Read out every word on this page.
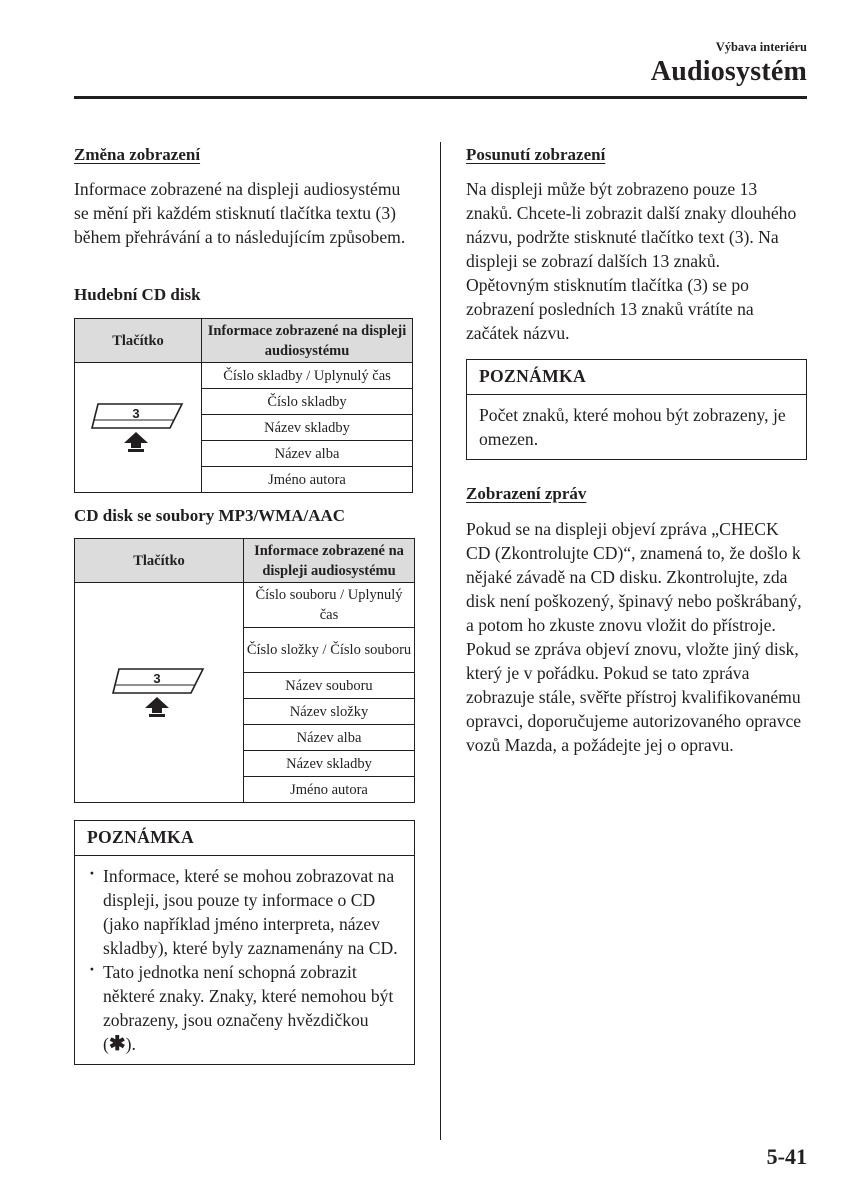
Výbava interiéru
Audiosystém
Změna zobrazení

Informace zobrazené na displeji audiosystému se mění při každém stisknutí tlačítka textu (3) během přehrávání a to následujícím způsobem.

Hudební CD disk
Tlačítko	Informace zobrazené na displeji audiosystému

3	Číslo skladby / Uplynulý čas
	Číslo skladby
	Název skladby
	Název alba
	Jméno autora
CD disk se soubory MP3/WMA/AAC
Tlačítko	Informace zobrazené na displeji audiosystému

3	Číslo souboru / Uplynulý čas
	Číslo složky / Číslo souboru
	Název souboru
	Název složky
	Název alba
	Název skladby
	Jméno autora
POZNÁMKA
· Informace, které se mohou zobrazovat na displeji, jsou pouze ty informace o CD (jako například jméno interpreta, název skladby), které byly zaznamenány na CD.
· Tato jednotka není schopná zobrazit některé znaky. Znaky, které nemohou být zobrazeny, jsou označeny hvězdičkou (✱).
Posunutí zobrazení

Na displeji může být zobrazeno pouze 13 znaků. Chcete-li zobrazit další znaky dlouhého názvu, podržte stisknuté tlačítko text (3). Na displeji se zobrazí dalších 13 znaků. Opětovným stisknutím tlačítka (3) se po zobrazení posledních 13 znaků vrátíte na začátek názvu.

POZNÁMKA
Počet znaků, které mohou být zobrazeny, je omezen.
Zobrazení zpráv

Pokud se na displeji objeví zpráva „CHECK CD (Zkontrolujte CD)“, znamená to, že došlo k nějaké závadě na CD disku. Zkontrolujte, zda disk není poškozený, špinavý nebo poškrábaný, a potom ho zkuste znovu vložit do přístroje. Pokud se zpráva objeví znovu, vložte jiný disk, který je v pořádku. Pokud se tato zpráva zobrazuje stále, svěřte přístroj kvalifikovanému opravci, doporučujeme autorizovaného opravce vozů Mazda, a požádejte jej o opravu.

5-41
